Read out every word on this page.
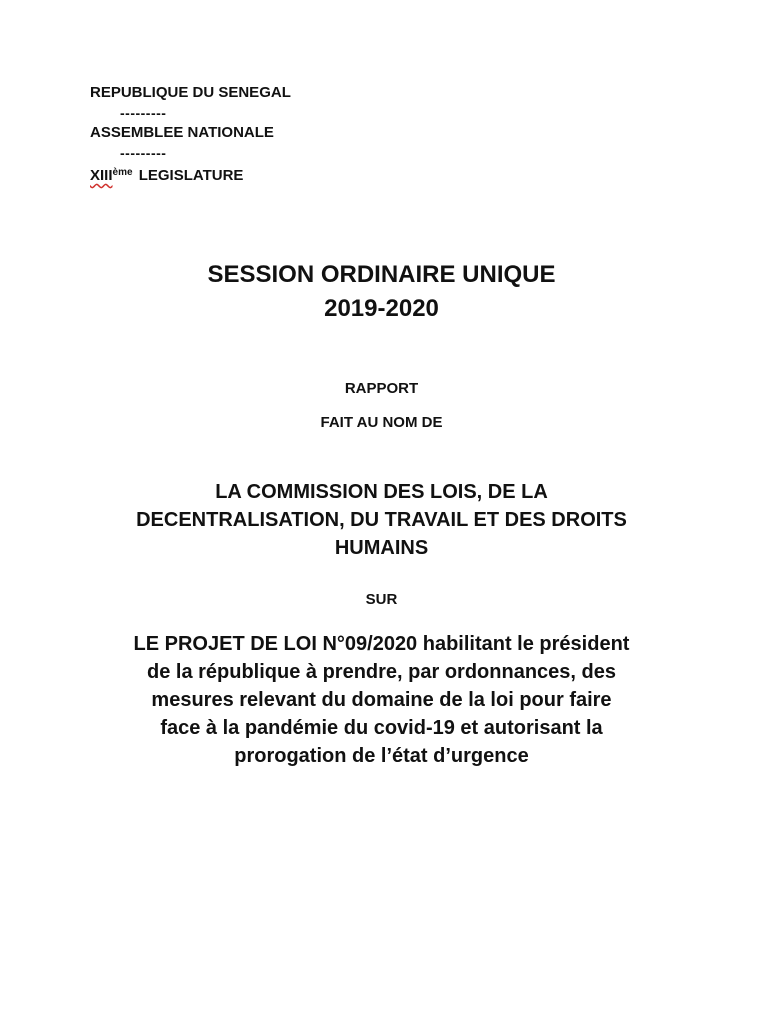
REPUBLIQUE DU SENEGAL
---------
ASSEMBLEE NATIONALE
---------
XIIIème LEGISLATURE
SESSION ORDINAIRE UNIQUE
2019-2020
RAPPORT
FAIT AU NOM DE
LA COMMISSION DES LOIS, DE LA
DECENTRALISATION, DU TRAVAIL ET DES DROITS
HUMAINS
SUR
LE PROJET DE LOI N°09/2020 habilitant le président
de la république à prendre, par ordonnances, des
mesures relevant du domaine de la loi pour faire
face à la pandémie du covid-19 et autorisant la
prorogation de l’état d’urgence
